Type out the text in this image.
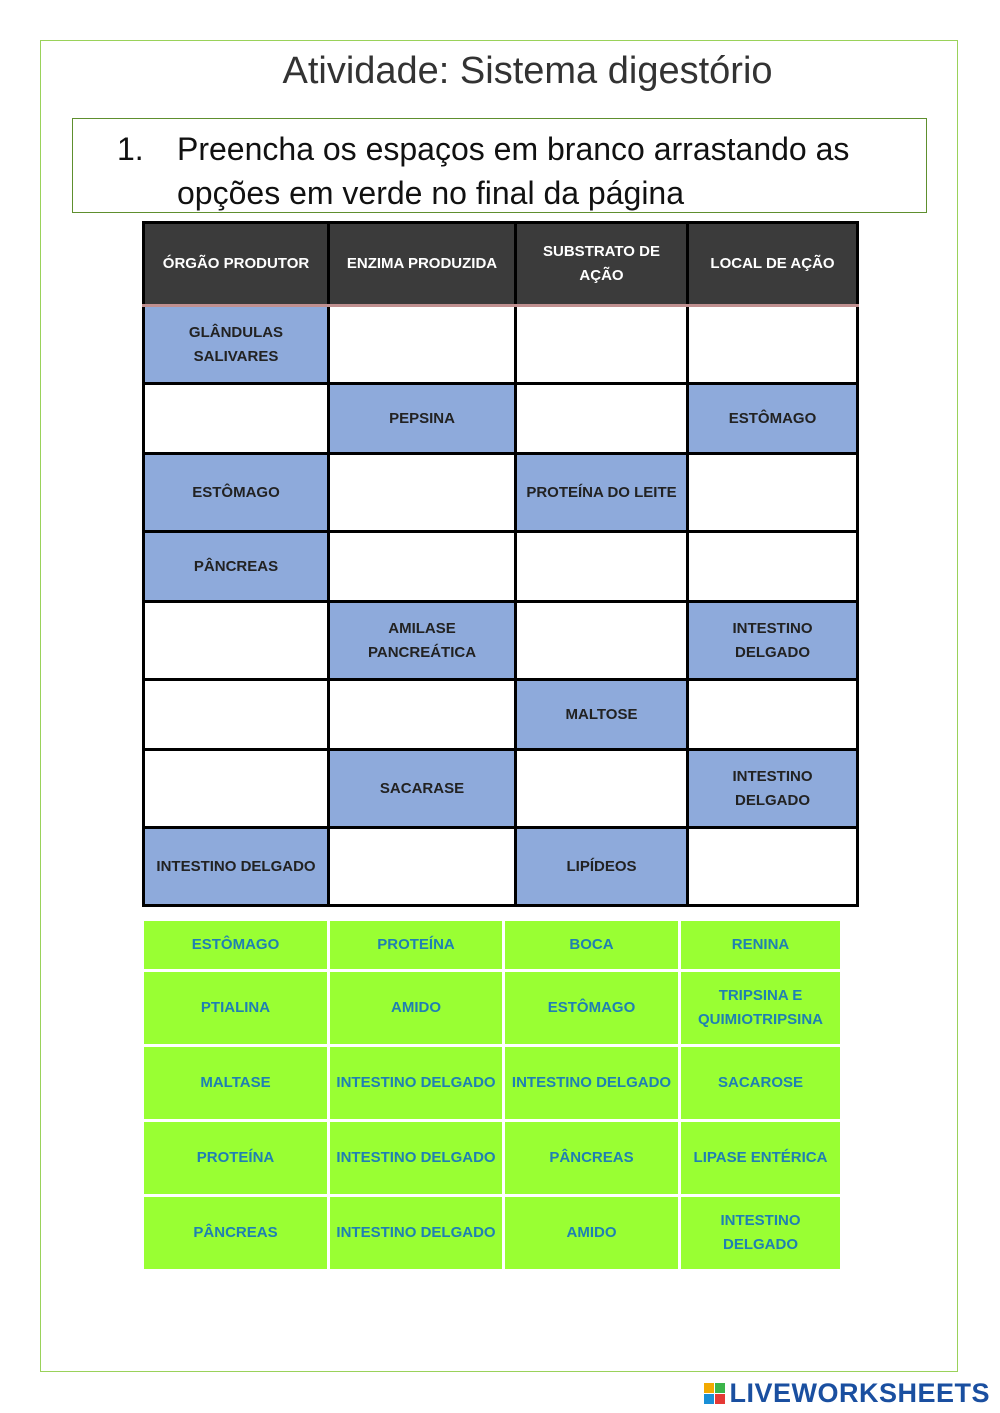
Atividade: Sistema digestório
1. Preencha os espaços em branco arrastando as opções em verde no final da página
ÓRGÃO PRODUTOR	ENZIMA PRODUZIDA	SUBSTRATO DE AÇÃO	LOCAL DE AÇÃO
GLÂNDULAS SALIVARES			
	PEPSINA		ESTÔMAGO
ESTÔMAGO		PROTEÍNA DO LEITE	
PÂNCREAS			
	AMILASE PANCREÁTICA		INTESTINO DELGADO
		MALTOSE	
	SACARASE		INTESTINO DELGADO
INTESTINO DELGADO		LIPÍDEOS	
ESTÔMAGO	PROTEÍNA	BOCA	RENINA
PTIALINA	AMIDO	ESTÔMAGO	TRIPSINA E QUIMIOTRIPSINA
MALTASE	INTESTINO DELGADO	INTESTINO DELGADO	SACAROSE
PROTEÍNA	INTESTINO DELGADO	PÂNCREAS	LIPASE ENTÉRICA
PÂNCREAS	INTESTINO DELGADO	AMIDO	INTESTINO DELGADO
LIVEWORKSHEETS
